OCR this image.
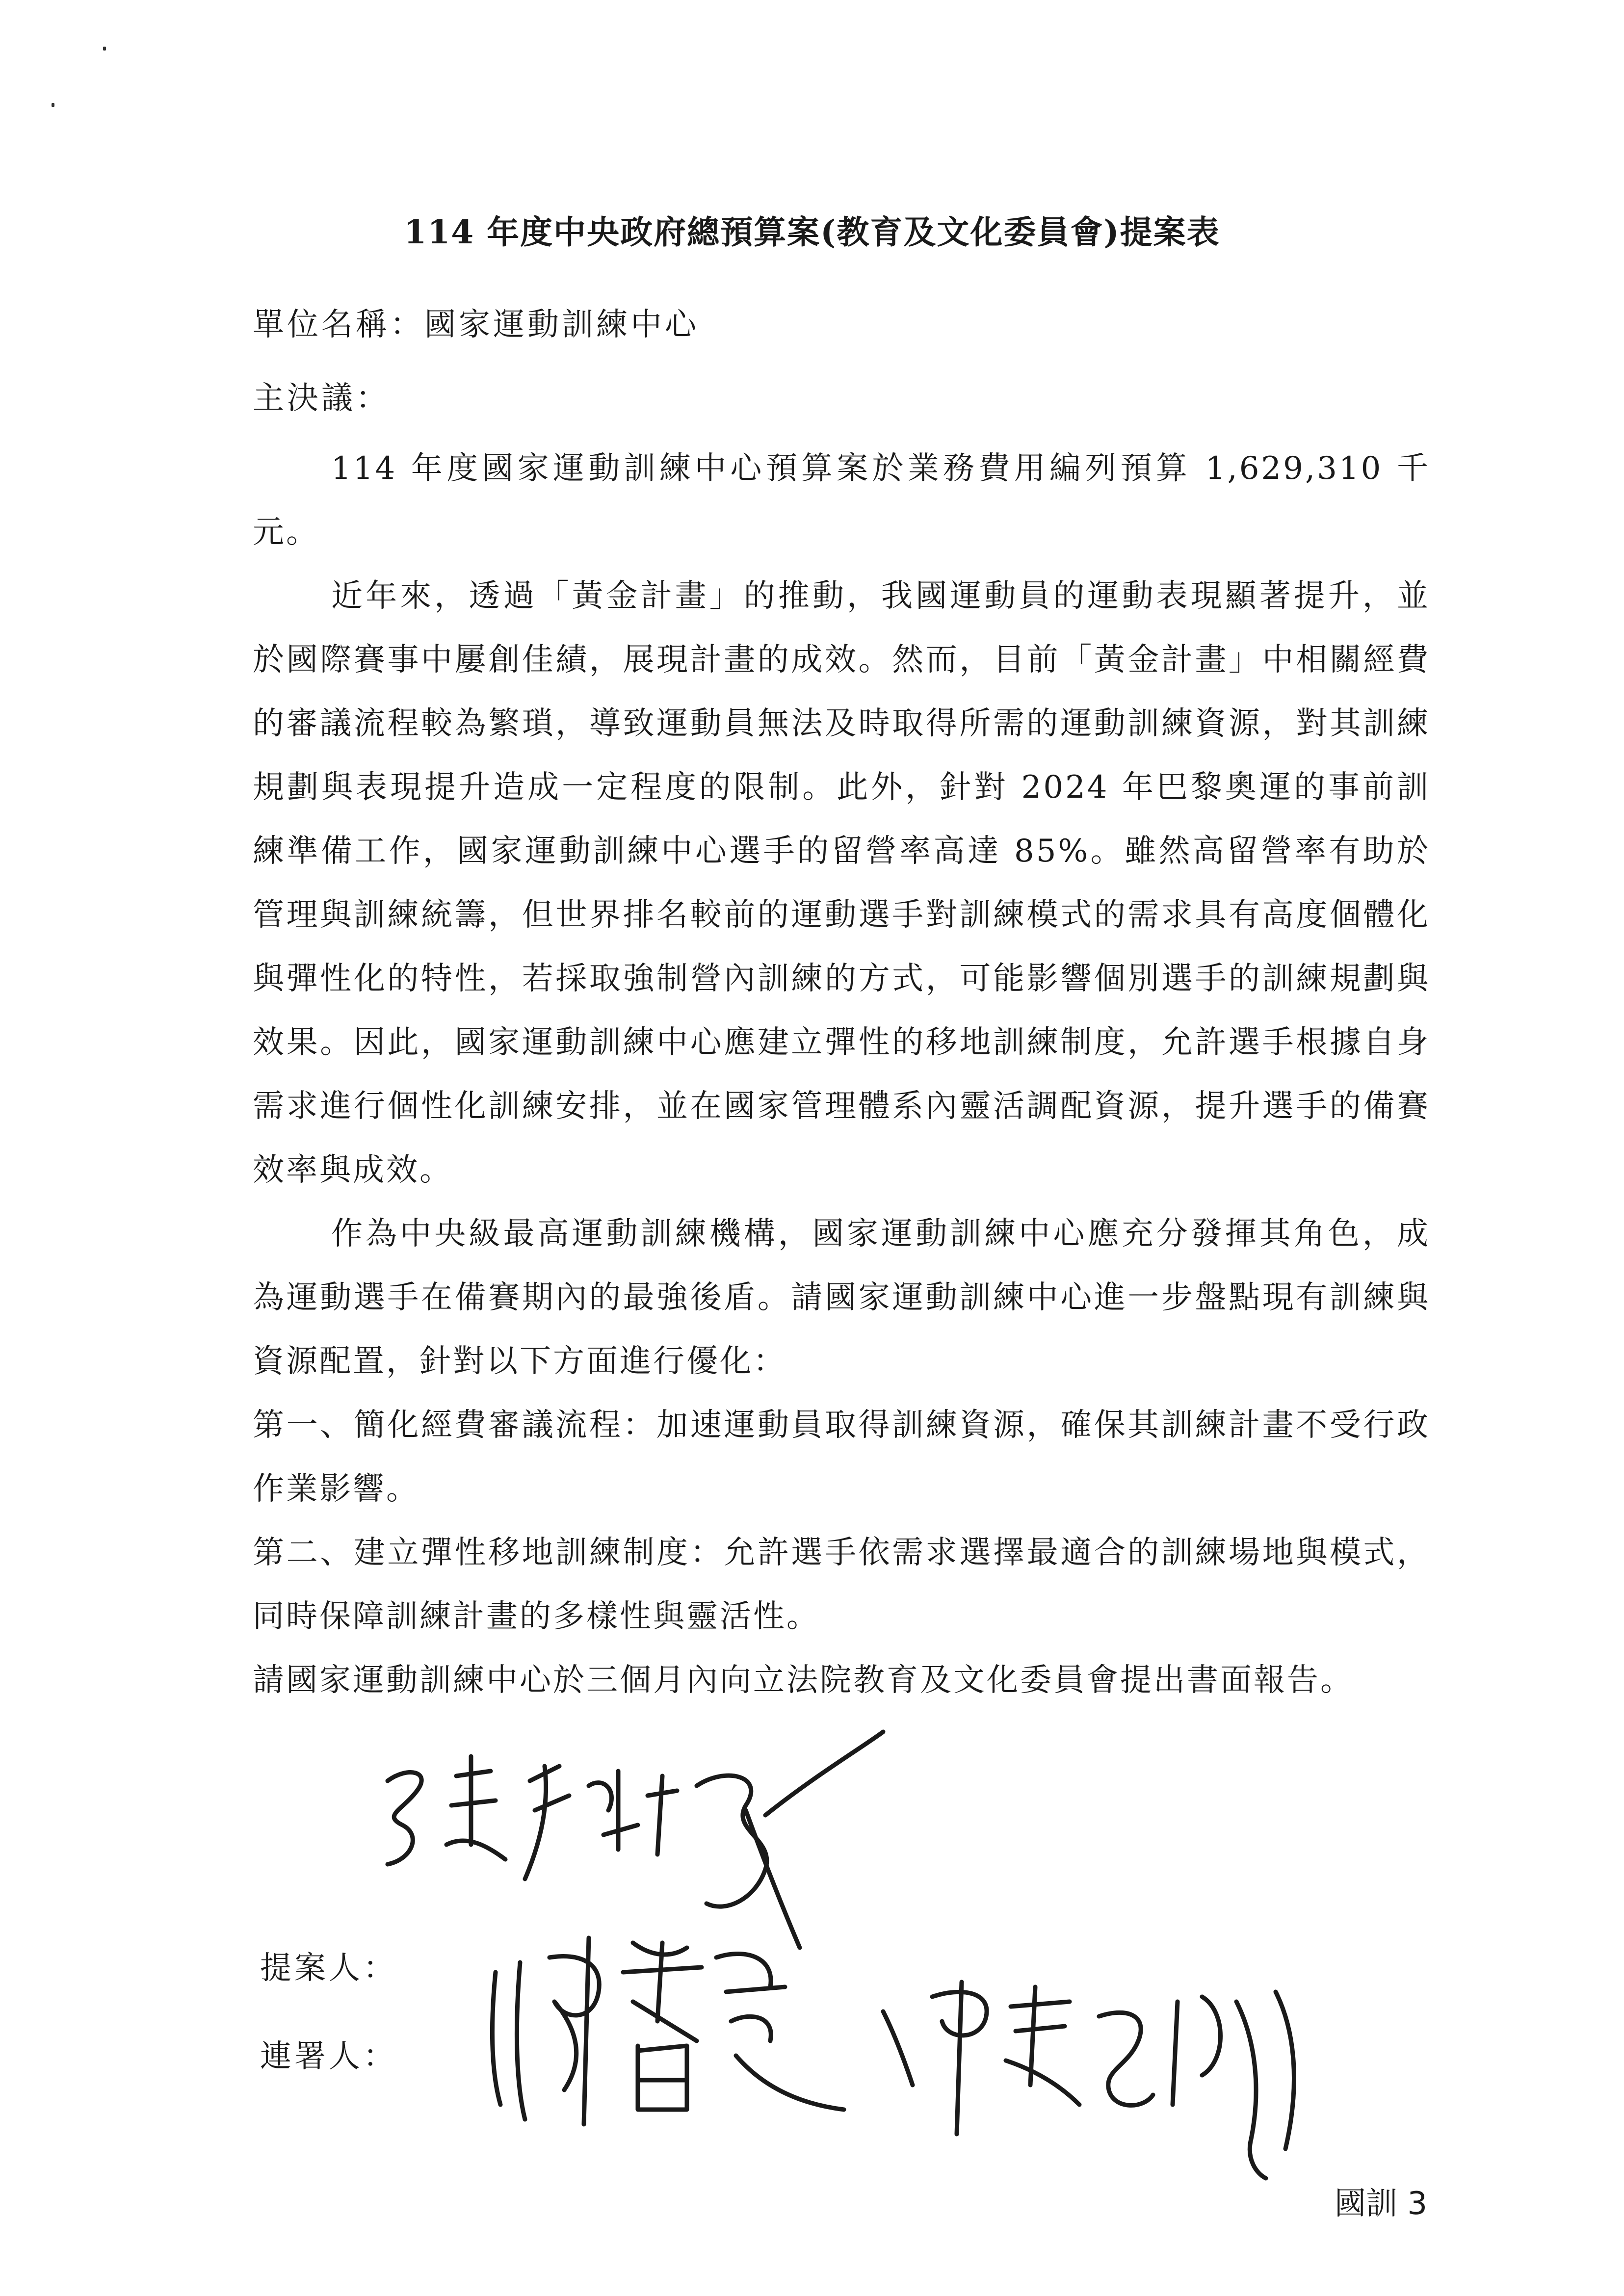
114 年度中央政府總預算案(教育及文化委員會)提案表
單位名稱：國家運動訓練中心
主決議：

114 年度國家運動訓練中心預算案於業務費用編列預算 1,629,310 千元。

近年來，透過「黃金計畫」的推動，我國運動員的運動表現顯著提升，並於國際賽事中屢創佳績，展現計畫的成效。然而，目前「黃金計畫」中相關經費的審議流程較為繁瑣，導致運動員無法及時取得所需的運動訓練資源，對其訓練規劃與表現提升造成一定程度的限制。此外，針對 2024 年巴黎奧運的事前訓練準備工作，國家運動訓練中心選手的留營率高達 85%。雖然高留營率有助於管理與訓練統籌，但世界排名較前的運動選手對訓練模式的需求具有高度個體化與彈性化的特性，若採取強制營內訓練的方式，可能影響個別選手的訓練規劃與效果。因此，國家運動訓練中心應建立彈性的移地訓練制度，允許選手根據自身需求進行個性化訓練安排，並在國家管理體系內靈活調配資源，提升選手的備賽效率與成效。

作為中央級最高運動訓練機構，國家運動訓練中心應充分發揮其角色，成為運動選手在備賽期內的最強後盾。請國家運動訓練中心進一步盤點現有訓練與資源配置，針對以下方面進行優化：

第一、簡化經費審議流程：加速運動員取得訓練資源，確保其訓練計畫不受行政作業影響。

第二、建立彈性移地訓練制度：允許選手依需求選擇最適合的訓練場地與模式，同時保障訓練計畫的多樣性與靈活性。

請國家運動訓練中心於三個月內向立法院教育及文化委員會提出書面報告。

提案人：
連署人：
國訓 3
